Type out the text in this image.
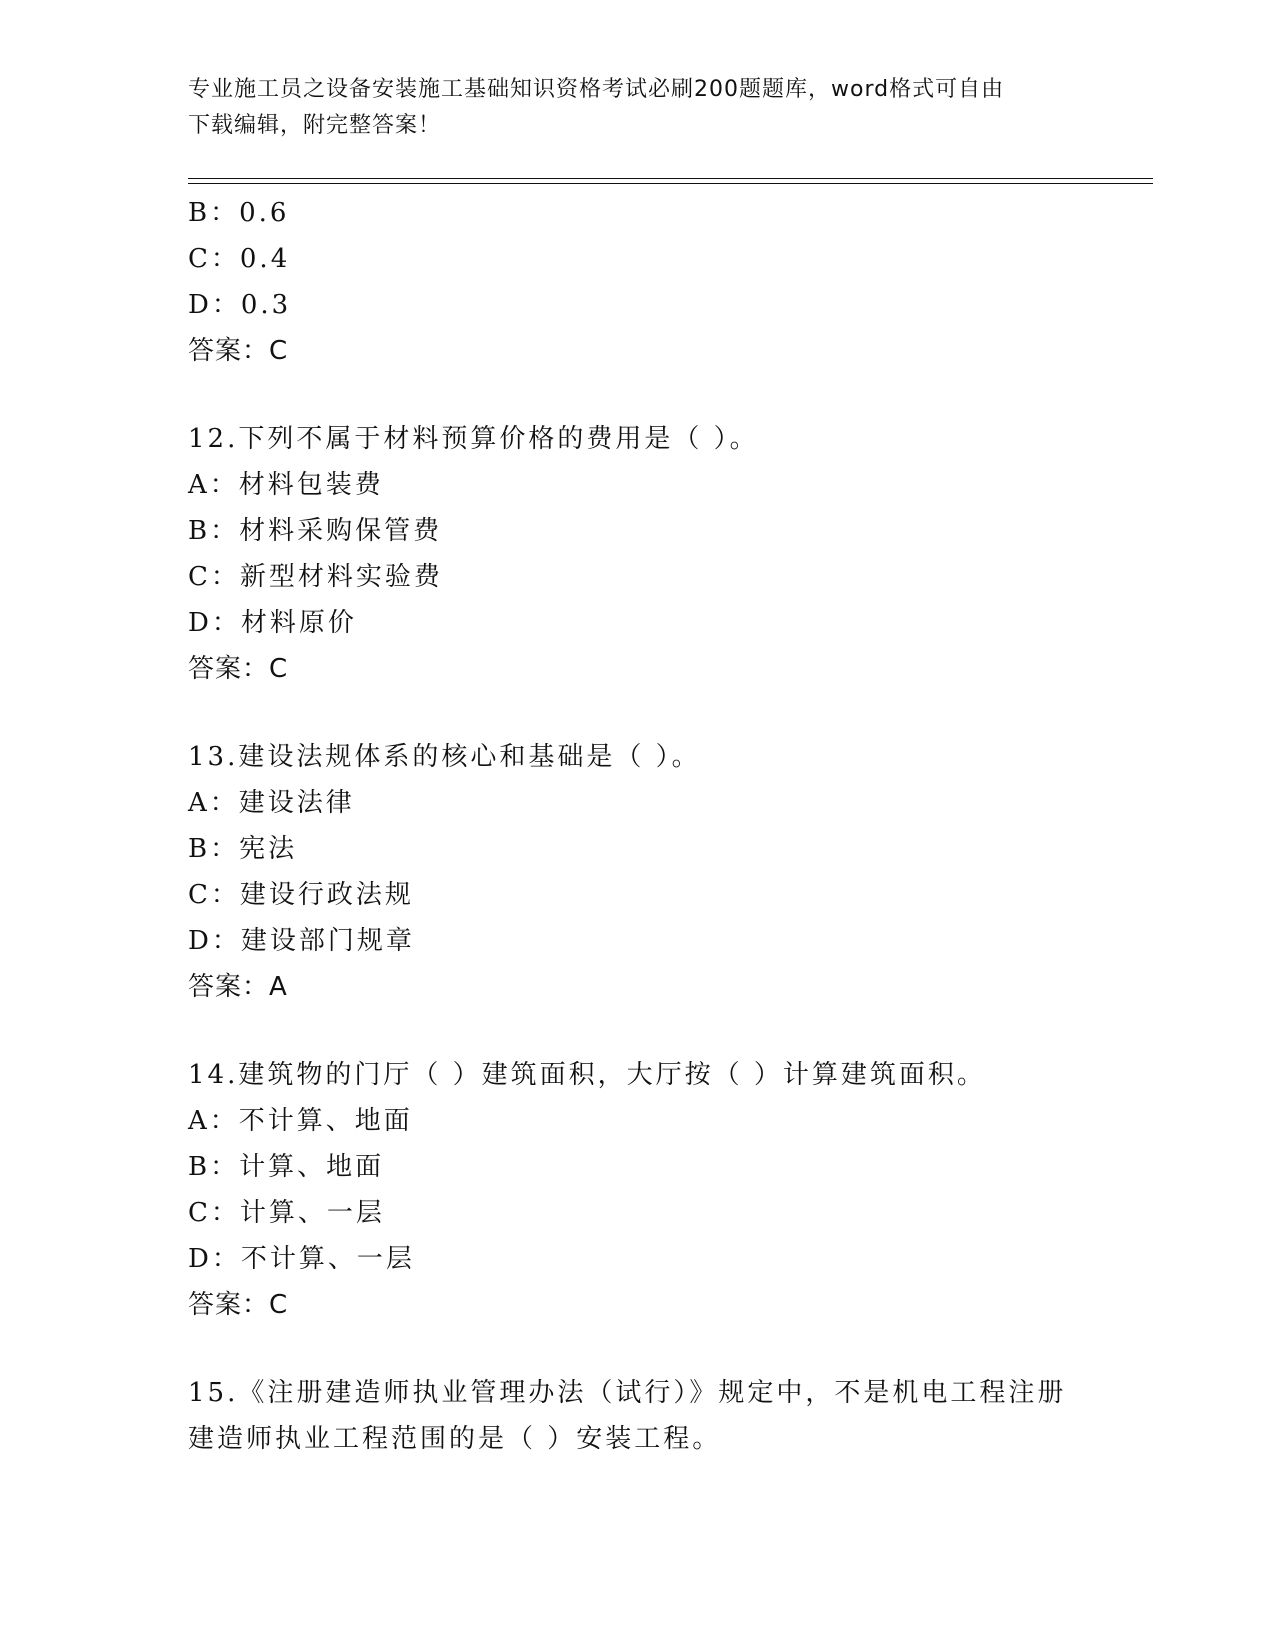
专业施工员之设备安装施工基础知识资格考试必刷200题题库，word格式可自由
下载编辑，附完整答案！
B：0.6
C：0.4
D：0.3
答案：C
12.下列不属于材料预算价格的费用是（ ）。
A：材料包装费
B：材料采购保管费
C：新型材料实验费
D：材料原价
答案：C
13.建设法规体系的核心和基础是（ ）。
A：建设法律
B：宪法
C：建设行政法规
D：建设部门规章
答案：A
14.建筑物的门厅（ ）建筑面积，大厅按（ ）计算建筑面积。
A：不计算、地面
B：计算、地面
C：计算、一层
D：不计算、一层
答案：C
15.《注册建造师执业管理办法（试行）》规定中，不是机电工程注册
建造师执业工程范围的是（ ）安装工程。
